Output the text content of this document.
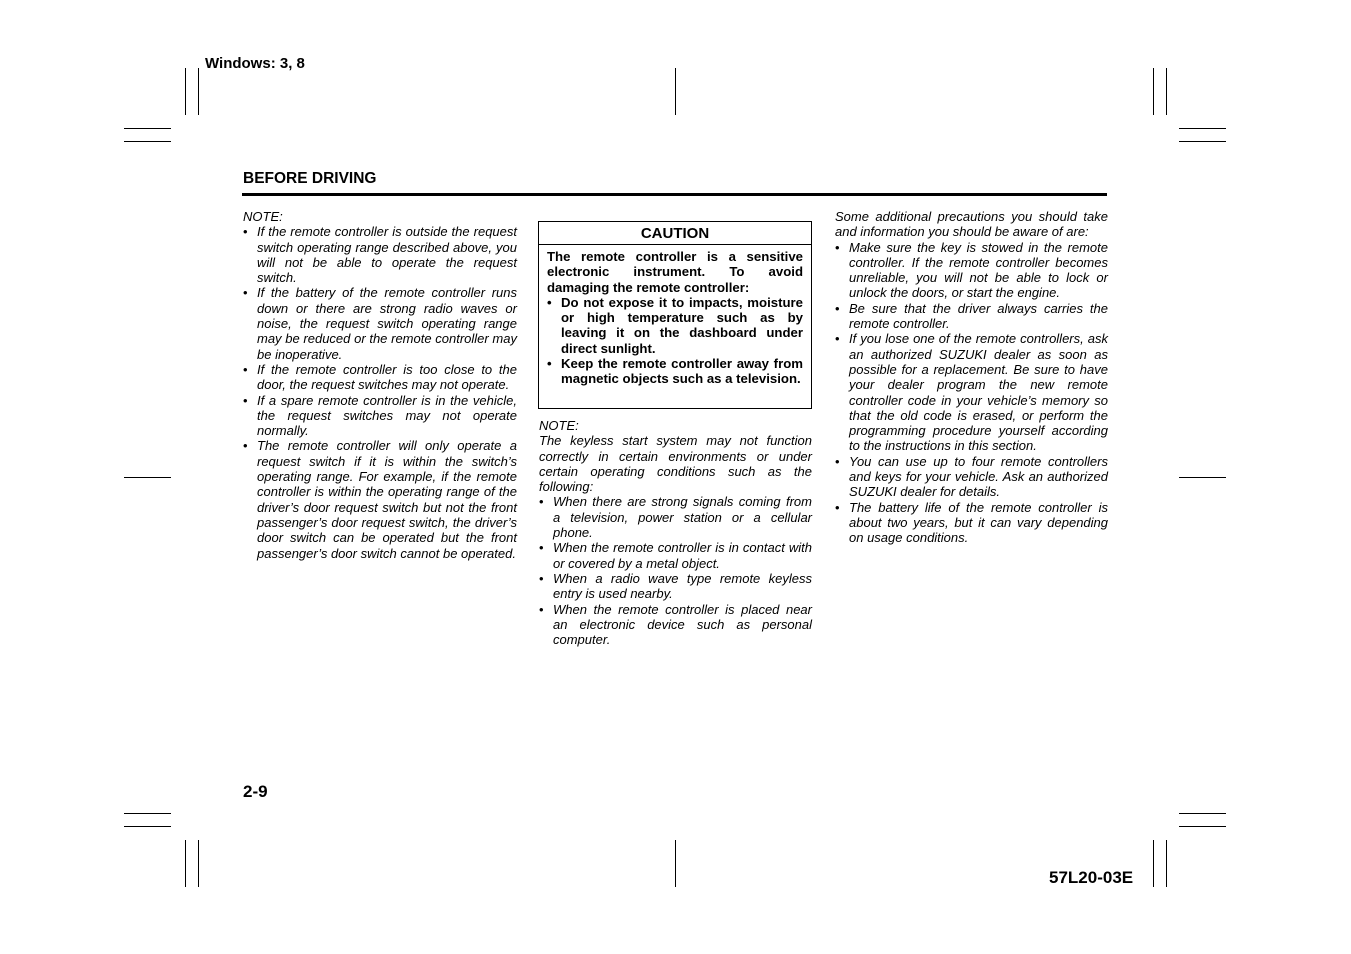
Windows: 3, 8
BEFORE DRIVING

NOTE:

• If the remote controller is outside the request switch operating range described above, you will not be able to operate the request switch.
• If the battery of the remote controller runs down or there are strong radio waves or noise, the request switch operating range may be reduced or the remote controller may be inoperative.
• If the remote controller is too close to the door, the request switches may not operate.
• If a spare remote controller is in the vehicle, the request switches may not operate normally.
• The remote controller will only operate a request switch if it is within the switch’s operating range. For example, if the remote controller is within the operating range of the driver’s door request switch but not the front passenger’s door request switch, the driver’s door switch can be operated but the front passenger’s door switch cannot be operated.
CAUTION

The remote controller is a sensitive electronic instrument. To avoid damaging the remote controller:

• Do not expose it to impacts, moisture or high temperature such as by leaving it on the dashboard under direct sunlight.
• Keep the remote controller away from magnetic objects such as a television.

NOTE:

The keyless start system may not function correctly in certain environments or under certain operating conditions such as the following:

• When there are strong signals coming from a television, power station or a cellular phone.
• When the remote controller is in contact with or covered by a metal object.
• When a radio wave type remote keyless entry is used nearby.
• When the remote controller is placed near an electronic device such as personal computer.

Some additional precautions you should take and information you should be aware of are:

• Make sure the key is stowed in the remote controller. If the remote controller becomes unreliable, you will not be able to lock or unlock the doors, or start the engine.
• Be sure that the driver always carries the remote controller.
• If you lose one of the remote controllers, ask an authorized SUZUKI dealer as soon as possible for a replacement. Be sure to have your dealer program the new remote controller code in your vehicle’s memory so that the old code is erased, or perform the programming procedure yourself according to the instructions in this section.
• You can use up to four remote controllers and keys for your vehicle. Ask an authorized SUZUKI dealer for details.
• The battery life of the remote controller is about two years, but it can vary depending on usage conditions.
2-9
57L20-03E
